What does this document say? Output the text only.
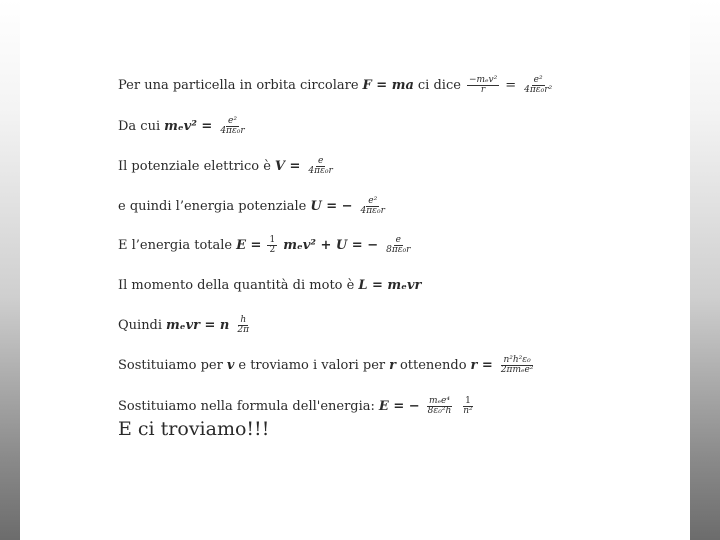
Per una particella in orbita circolare F = ma ci dice $\frac{\text{−mₑv²}}{r} = \frac{\text{e²}}{\text{4πε₀r²}}$
Da cui $m_ev^2 = \frac{\text{e²}}{\text{4πε₀r}}$
Il potenziale elettrico è $V = \frac{e}{\text{4πε₀r}}$
e quindi l’energia potenziale U = − $\frac{\text{e²}}{\text{4πε₀r}}$
E l’energia totale $E = \frac{1}{2} m_ev^2 + U$ = − $\frac{e}{\text{8πε₀r}}$
Il momento della quantità di moto è L = mₑvr
Quindi mₑvr = n $\frac{h}{2\pi}$
Sostituiamo per v e troviamo i valori per r ottenendo $r = \frac{\text{n²h²ε₀}}{\text{2πmₑe²}}$
Sostituiamo nella formula dell'energia: E = − $\frac{\text{mₑe⁴}}{\text{8ε₀²h}} \frac{1}{\text{n²}}$
E ci troviamo!!!
